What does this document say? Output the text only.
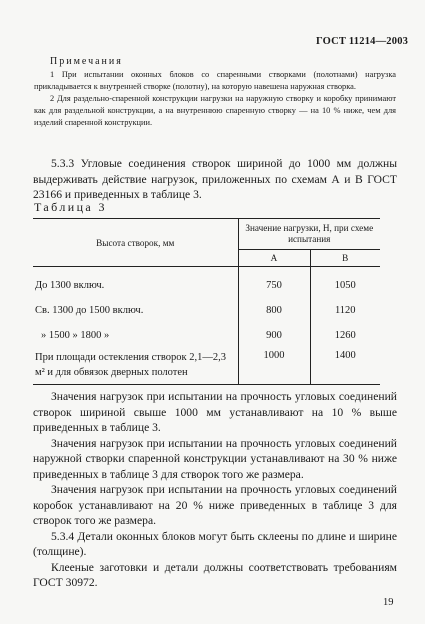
ГОСТ 11214—2003
Примечания

1 При испытании оконных блоков со спаренными створками (полотнами) нагрузка прикладывается к внутренней створке (полотну), на которую навешена наружная створка.

2 Для раздельно-спаренной конструкции нагрузки на наружную створку и коробку принимают как для раздельной конструкции, а на внутреннюю спаренную створку — на 10 % ниже, чем для изделий спаренной конструкции.

5.3.3 Угловые соединения створок шириной до 1000 мм должны выдерживать действие нагрузок, приложенных по схемам А и В ГОСТ 23166 и приведенных в таблице 3.

Таблица 3
Высота створок, мм	Значение нагрузки, Н, при схеме испытания	
	А	В
До 1300 включ.	750	1050
Св. 1300 до 1500 включ.	800	1120
» 1500 » 1800 »	900	1260
При площади остекления створок 2,1—2,3 м² и для обвязок дверных полотен	1000	1400

Значения нагрузок при испытании на прочность угловых соединений створок шириной свыше 1000 мм устанавливают на 10 % выше приведенных в таблице 3.

Значения нагрузок при испытании на прочность угловых соединений наружной створки спаренной конструкции устанавливают на 30 % ниже приведенных в таблице 3 для створок того же размера.

Значения нагрузок при испытании на прочность угловых соединений коробок устанавливают на 20 % ниже приведенных в таблице 3 для створок того же размера.

5.3.4 Детали оконных блоков могут быть склеены по длине и ширине (толщине).

Клееные заготовки и детали должны соответствовать требованиям ГОСТ 30972.

19
